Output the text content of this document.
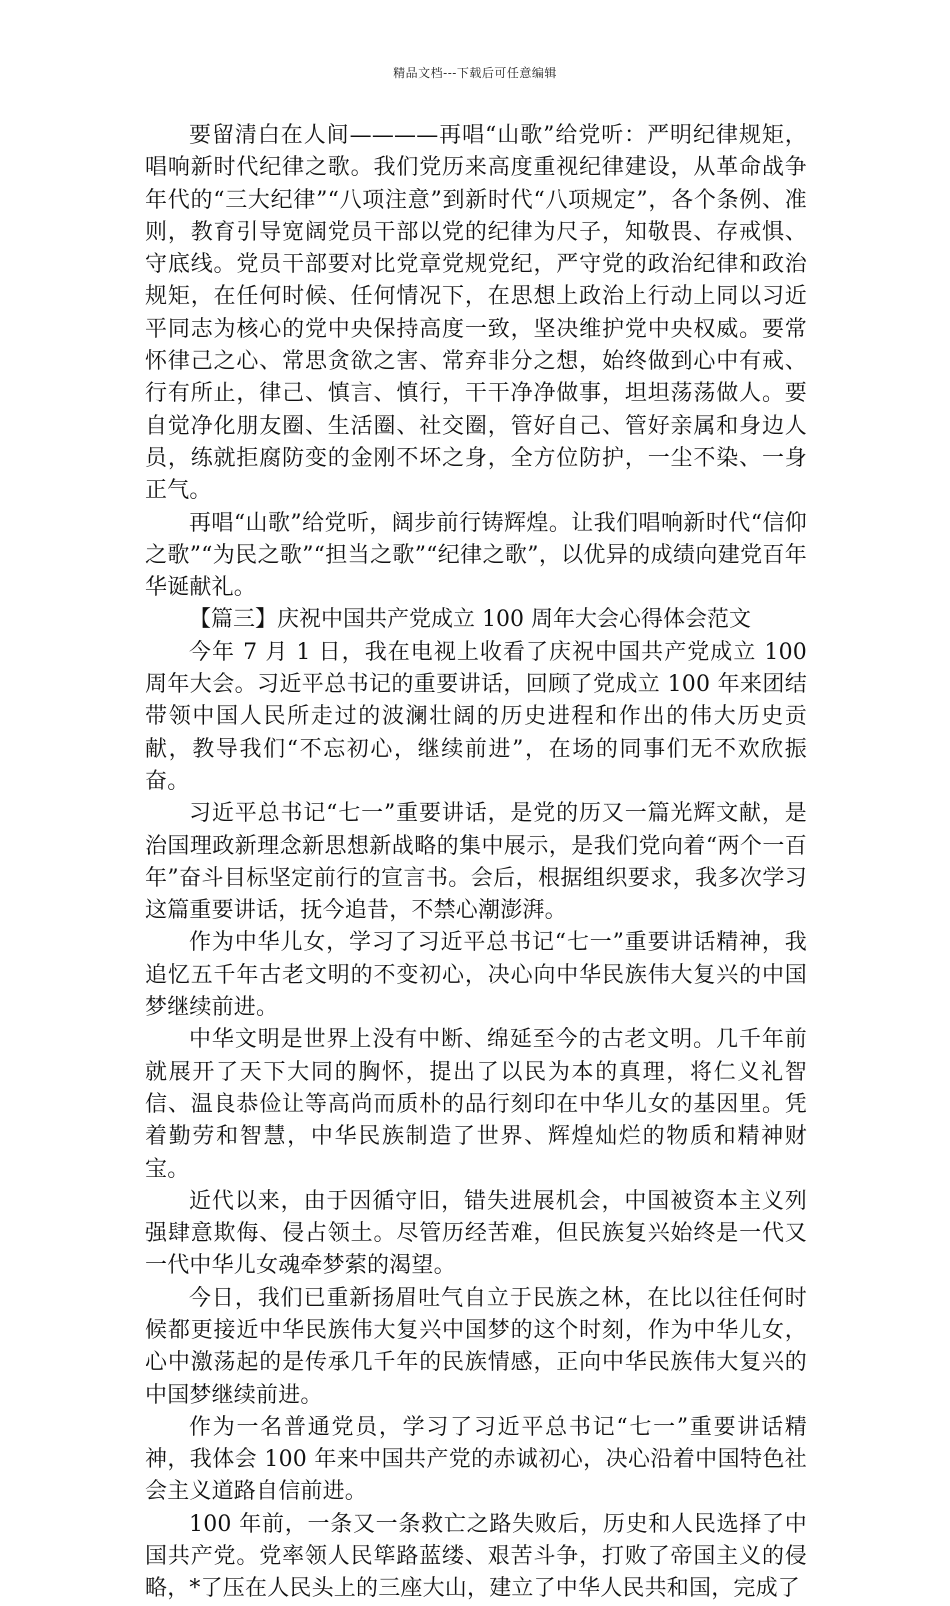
精品文档---下载后可任意编辑

要留清白在人间————再唱“山歌”给党听：严明纪律规矩，唱响新时代纪律之歌。我们党历来高度重视纪律建设，从革命战争年代的“三大纪律”“八项注意”到新时代“八项规定”，各个条例、准则，教育引导宽阔党员干部以党的纪律为尺子，知敬畏、存戒惧、守底线。党员干部要对比党章党规党纪，严守党的政治纪律和政治规矩，在任何时候、任何情况下，在思想上政治上行动上同以习近平同志为核心的党中央保持高度一致，坚决维护党中央权威。要常怀律己之心、常思贪欲之害、常弃非分之想，始终做到心中有戒、行有所止，律己、慎言、慎行，干干净净做事，坦坦荡荡做人。要自觉净化朋友圈、生活圈、社交圈，管好自己、管好亲属和身边人员，练就拒腐防变的金刚不坏之身，全方位防护，一尘不染、一身正气。

再唱“山歌”给党听，阔步前行铸辉煌。让我们唱响新时代“信仰之歌”“为民之歌”“担当之歌”“纪律之歌”，以优异的成绩向建党百年华诞献礼。

【篇三】庆祝中国共产党成立 100 周年大会心得体会范文

今年 7 月 1 日，我在电视上收看了庆祝中国共产党成立 100 周年大会。习近平总书记的重要讲话，回顾了党成立 100 年来团结带领中国人民所走过的波澜壮阔的历史进程和作出的伟大历史贡献，教导我们“不忘初心，继续前进”，在场的同事们无不欢欣振奋。

习近平总书记“七一”重要讲话，是党的历又一篇光辉文献，是治国理政新理念新思想新战略的集中展示，是我们党向着“两个一百年”奋斗目标坚定前行的宣言书。会后，根据组织要求，我多次学习这篇重要讲话，抚今追昔，不禁心潮澎湃。

作为中华儿女，学习了习近平总书记“七一”重要讲话精神，我追忆五千年古老文明的不变初心，决心向中华民族伟大复兴的中国梦继续前进。

中华文明是世界上没有中断、绵延至今的古老文明。几千年前就展开了天下大同的胸怀，提出了以民为本的真理，将仁义礼智信、温良恭俭让等高尚而质朴的品行刻印在中华儿女的基因里。凭着勤劳和智慧，中华民族制造了世界、辉煌灿烂的物质和精神财宝。

近代以来，由于因循守旧，错失进展机会，中国被资本主义列强肆意欺侮、侵占领土。尽管历经苦难，但民族复兴始终是一代又一代中华儿女魂牵梦萦的渴望。

今日，我们已重新扬眉吐气自立于民族之林，在比以往任何时候都更接近中华民族伟大复兴中国梦的这个时刻，作为中华儿女，心中激荡起的是传承几千年的民族情感，正向中华民族伟大复兴的中国梦继续前进。

作为一名普通党员，学习了习近平总书记“七一”重要讲话精神，我体会 100 年来中国共产党的赤诚初心，决心沿着中国特色社会主义道路自信前进。

100 年前，一条又一条救亡之路失败后，历史和人民选择了中国共产党。党率领人民筚路蓝缕、艰苦斗争，打败了帝国主义的侵略，*了压在人民头上的三座大山，建立了中华人民共和国，完成了
